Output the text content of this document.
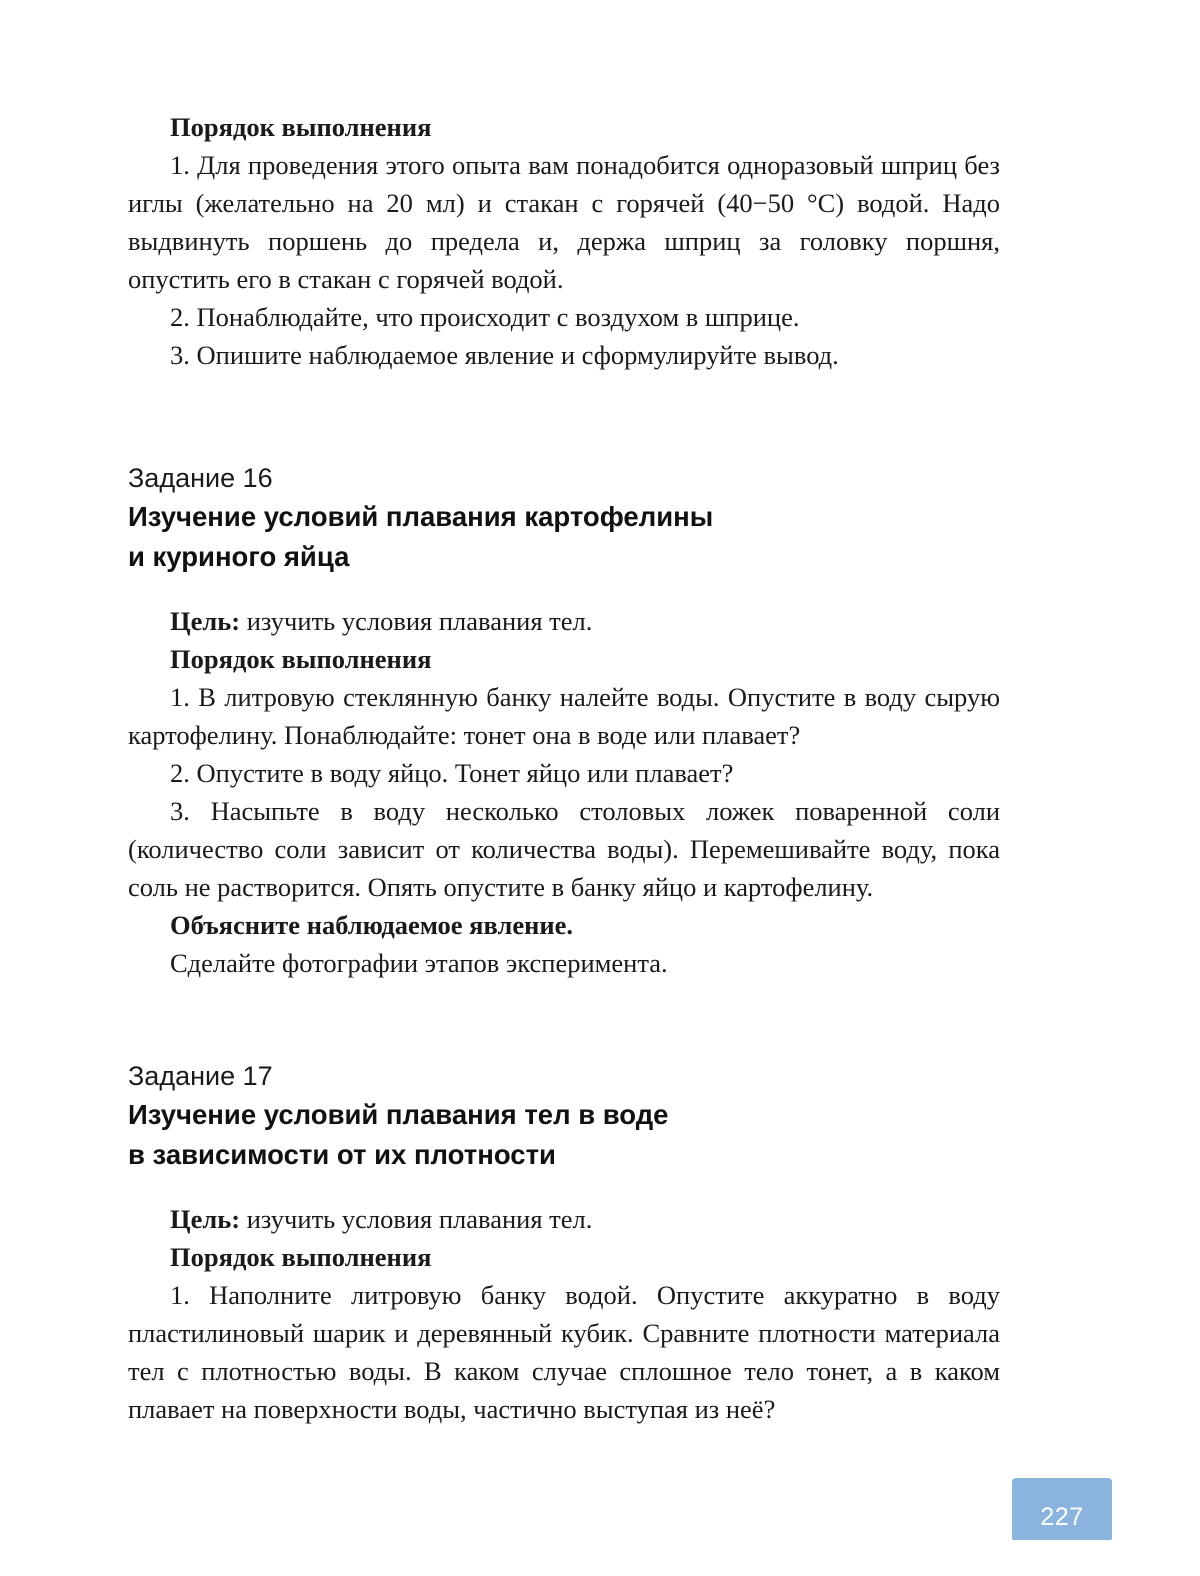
Порядок выполнения

1. Для проведения этого опыта вам понадобится одноразовый шприц без иглы (желательно на 20 мл) и стакан с горячей (40−50 °C) водой. Надо выдвинуть поршень до предела и, держа шприц за головку поршня, опустить его в стакан с горячей водой.

2. Понаблюдайте, что происходит с воздухом в шприце.

3. Опишите наблюдаемое явление и сформулируйте вывод.

Задание 16

Изучение условий плавания картофелины

и куриного яйца

Цель: изучить условия плавания тел.

Порядок выполнения

1. В литровую стеклянную банку налейте воды. Опустите в воду сырую картофелину. Понаблюдайте: тонет она в воде или плавает?

2. Опустите в воду яйцо. Тонет яйцо или плавает?

3. Насыпьте в воду несколько столовых ложек поваренной соли (количество соли зависит от количества воды). Перемешивайте воду, пока соль не растворится. Опять опустите в банку яйцо и картофелину.

Объясните наблюдаемое явление.

Сделайте фотографии этапов эксперимента.

Задание 17

Изучение условий плавания тел в воде

в зависимости от их плотности

Цель: изучить условия плавания тел.

Порядок выполнения

1. Наполните литровую банку водой. Опустите аккуратно в воду пластилиновый шарик и деревянный кубик. Сравните плотности материала тел с плотностью воды. В каком случае сплошное тело тонет, а в каком плавает на поверхности воды, частично выступая из неё?

227
